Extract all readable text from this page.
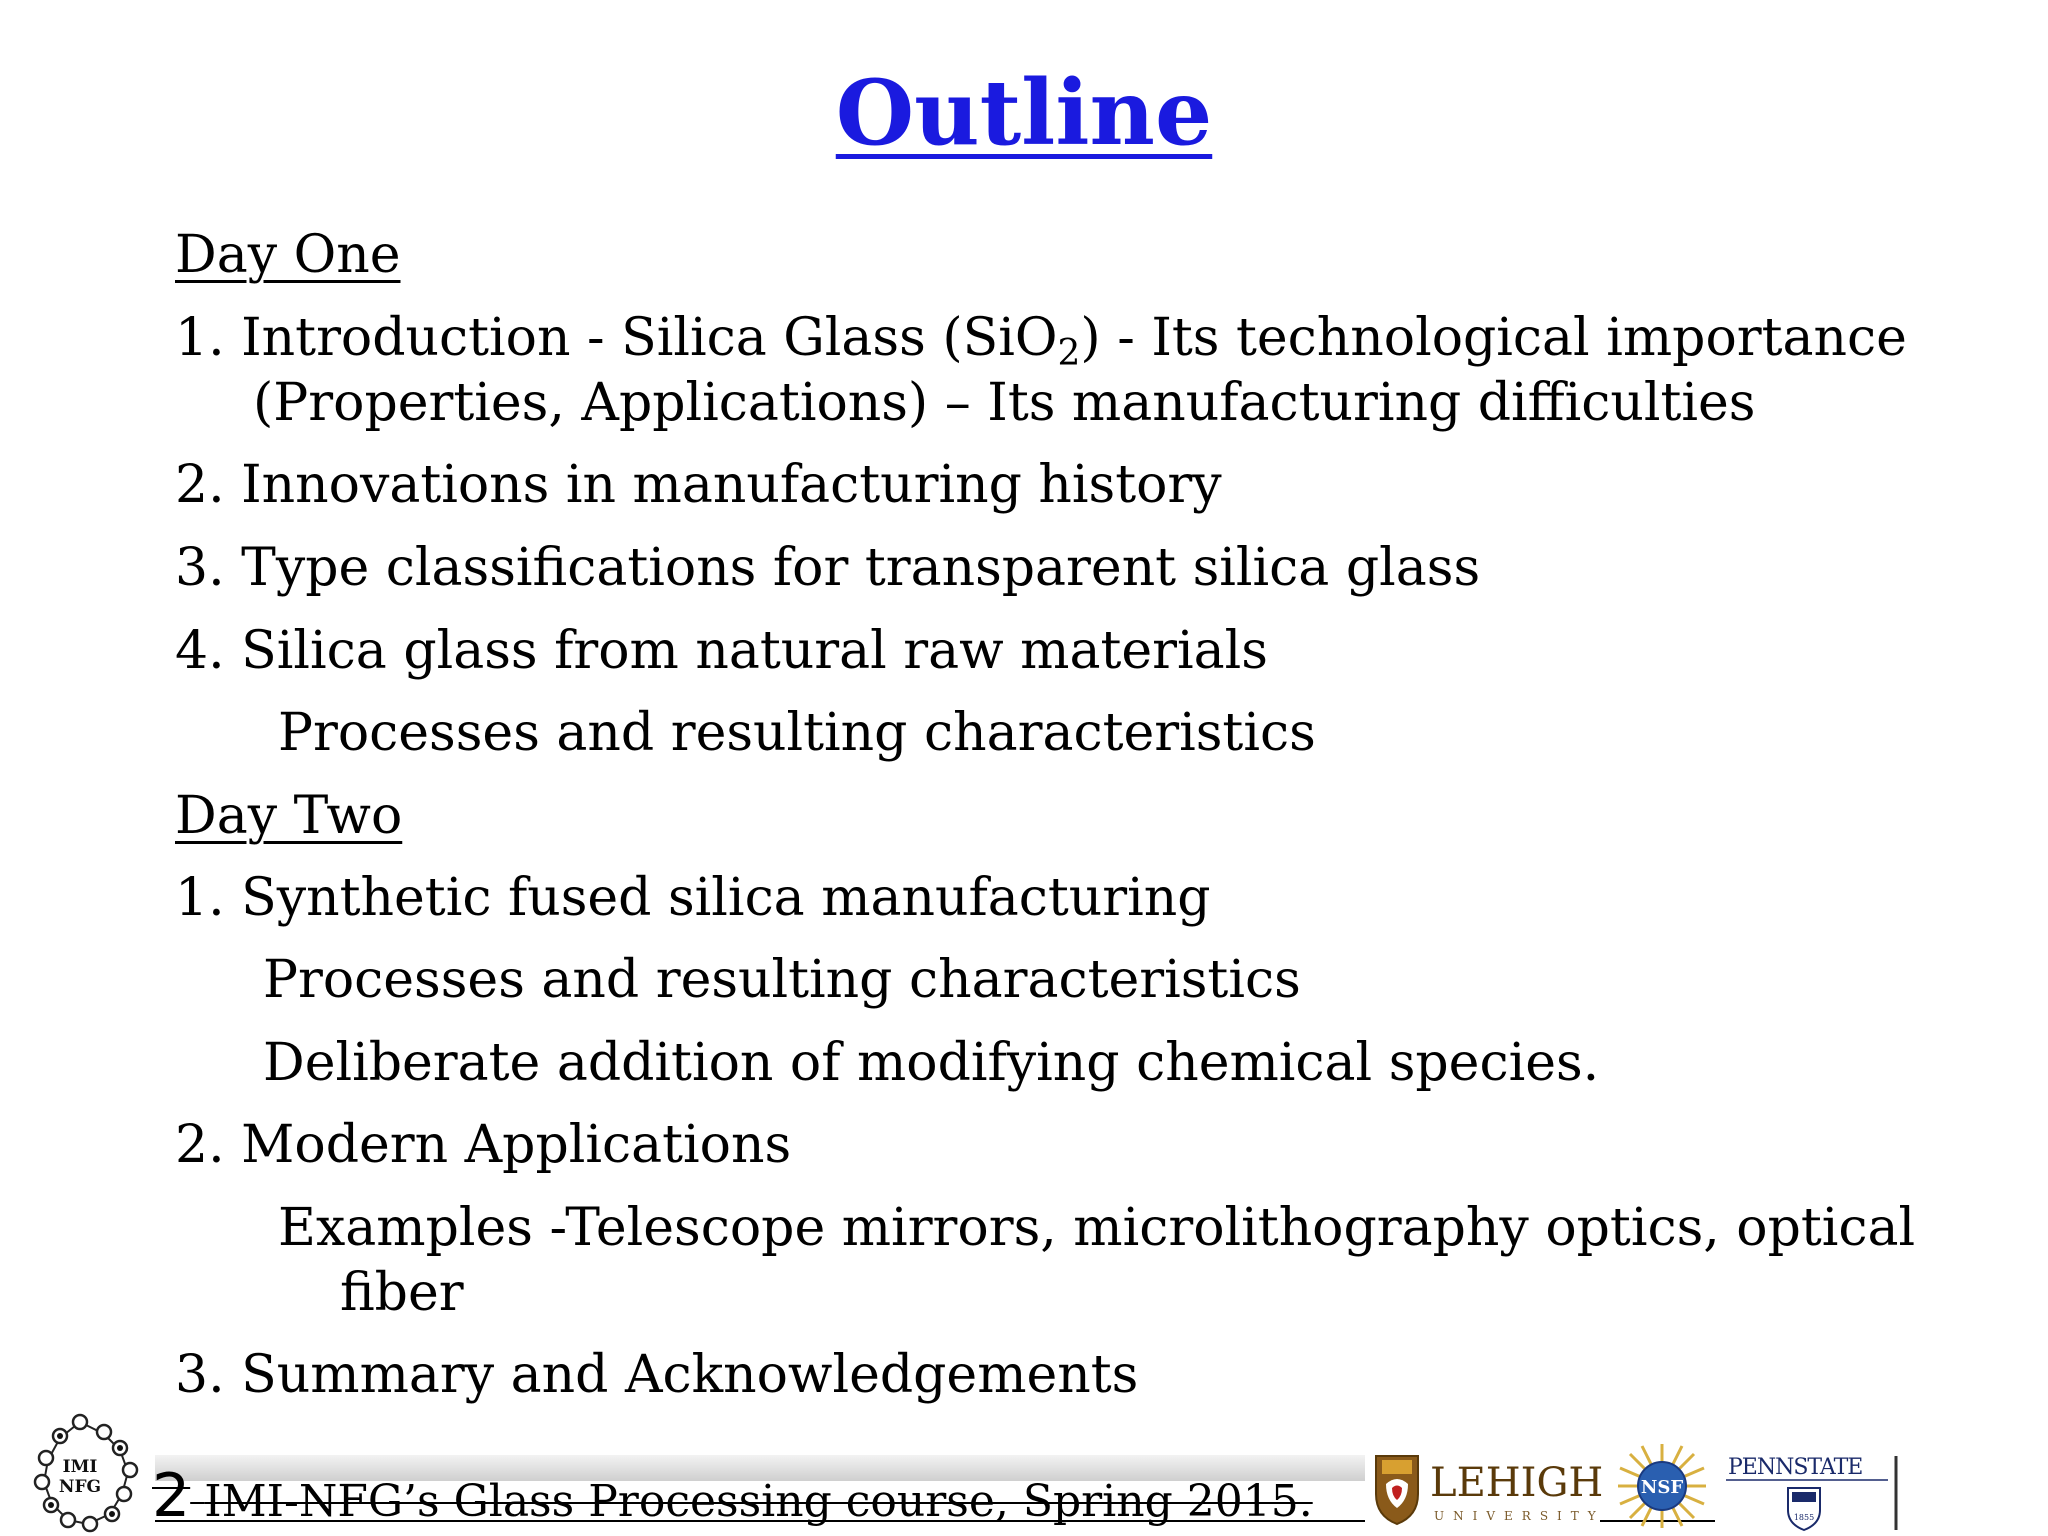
Outline

Day One

1. Introduction - Silica Glass (SiO$_2$) - Its technological importance

(Properties, Applications) – Its manufacturing difficulties

2. Innovations in manufacturing history

3. Type classifications for transparent silica glass

4. Silica glass from natural raw materials

Processes and resulting characteristics

Day Two

1. Synthetic fused silica manufacturing

Processes and resulting characteristics

Deliberate addition of modifying chemical species.

2. Modern Applications

Examples -Telescope mirrors, microlithography optics, optical

fiber

3. Summary and Acknowledgements

2 IMI-NFG’s Glass Processing course, Spring 2015.
IMI
NFG	LEHIGH
UNIVERSITY
NSF
PENNSTATE
1855
